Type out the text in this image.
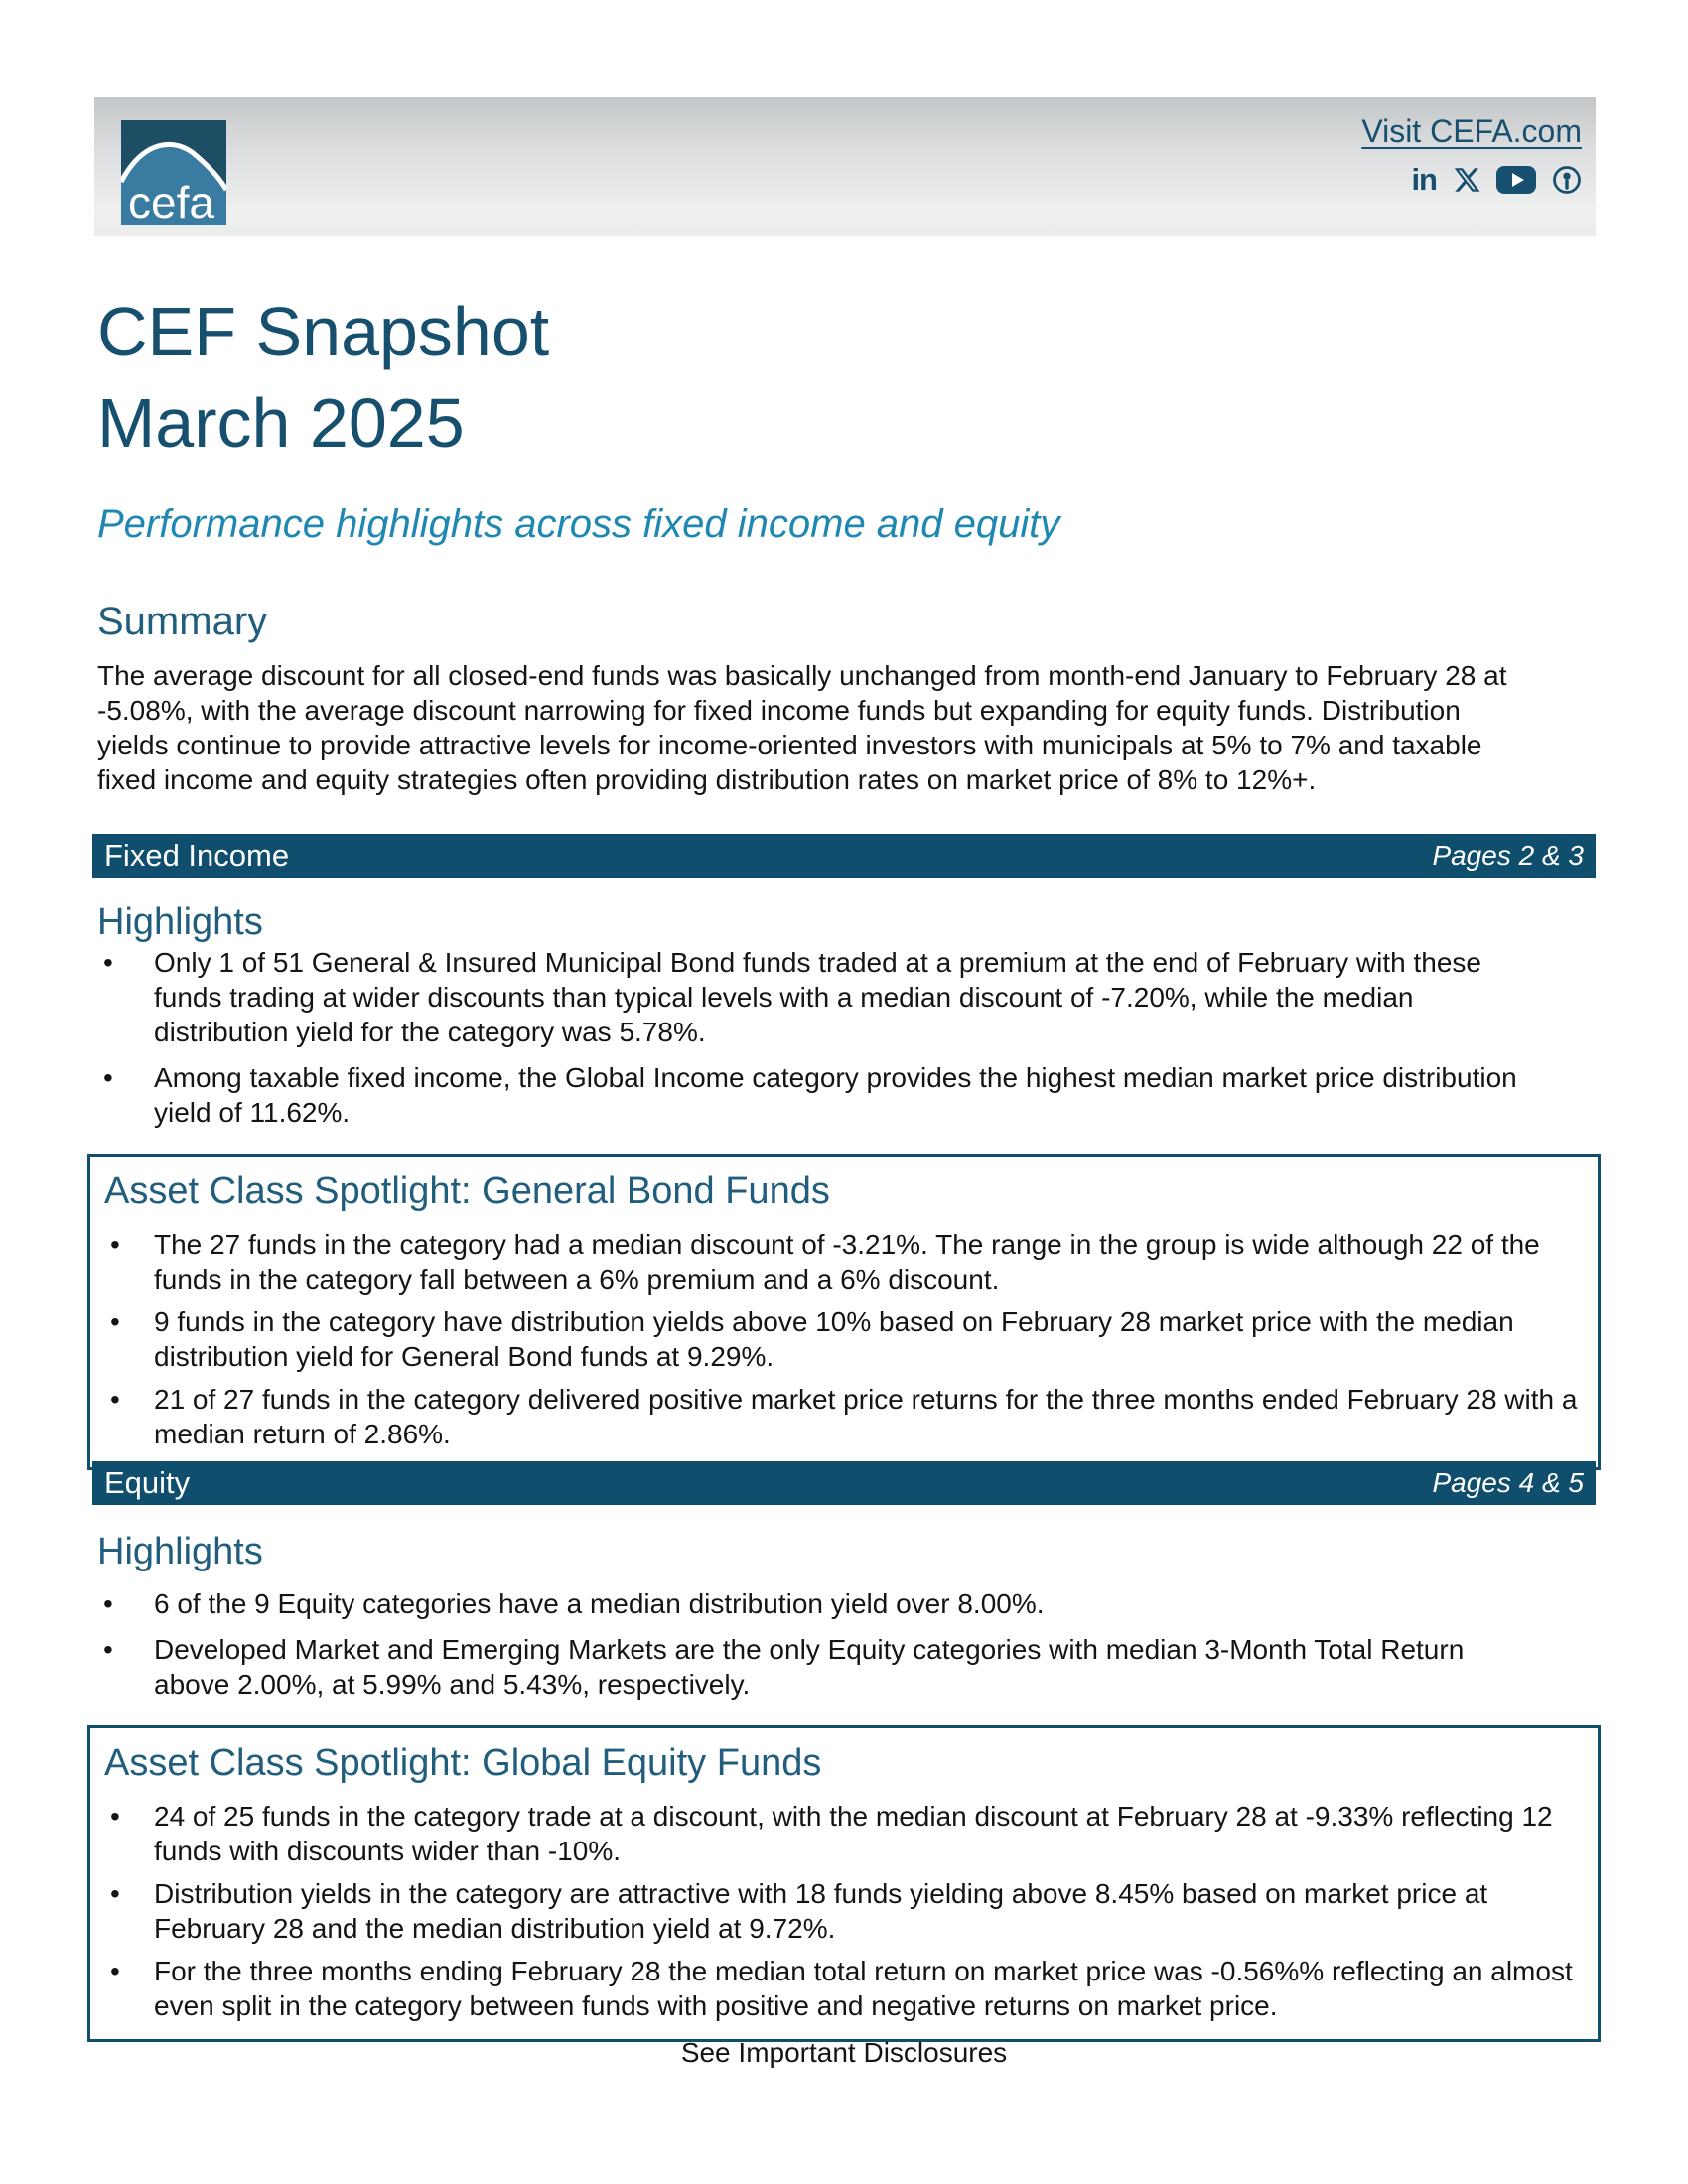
cefa
Visit CEFA.com
in
CEF Snapshot
March 2025
Performance highlights across fixed income and equity
Summary

The average discount for all closed-end funds was basically unchanged from month-end January to February 28 at -5.08%, with the average discount narrowing for fixed income funds but expanding for equity funds. Distribution yields continue to provide attractive levels for income-oriented investors with municipals at 5% to 7% and taxable fixed income and equity strategies often providing distribution rates on market price of 8% to 12%+.

Fixed Income	Pages 2 & 3
Highlights
• Only 1 of 51 General & Insured Municipal Bond funds traded at a premium at the end of February with these funds trading at wider discounts than typical levels with a median discount of -7.20%, while the median distribution yield for the category was 5.78%.
• Among taxable fixed income, the Global Income category provides the highest median market price distribution yield of 11.62%.
Asset Class Spotlight: General Bond Funds
• The 27 funds in the category had a median discount of -3.21%. The range in the group is wide although 22 of the funds in the category fall between a 6% premium and a 6% discount.
• 9 funds in the category have distribution yields above 10% based on February 28 market price with the median distribution yield for General Bond funds at 9.29%.
• 21 of 27 funds in the category delivered positive market price returns for the three months ended February 28 with a median return of 2.86%.
Equity	Pages 4 & 5
Highlights
• 6 of the 9 Equity categories have a median distribution yield over 8.00%.
• Developed Market and Emerging Markets are the only Equity categories with median 3-Month Total Return above 2.00%, at 5.99% and 5.43%, respectively.
Asset Class Spotlight: Global Equity Funds
• 24 of 25 funds in the category trade at a discount, with the median discount at February 28 at -9.33% reflecting 12 funds with discounts wider than -10%.
• Distribution yields in the category are attractive with 18 funds yielding above 8.45% based on market price at February 28 and the median distribution yield at 9.72%.
• For the three months ending February 28 the median total return on market price was -0.56%% reflecting an almost even split in the category between funds with positive and negative returns on market price.
See Important Disclosures
